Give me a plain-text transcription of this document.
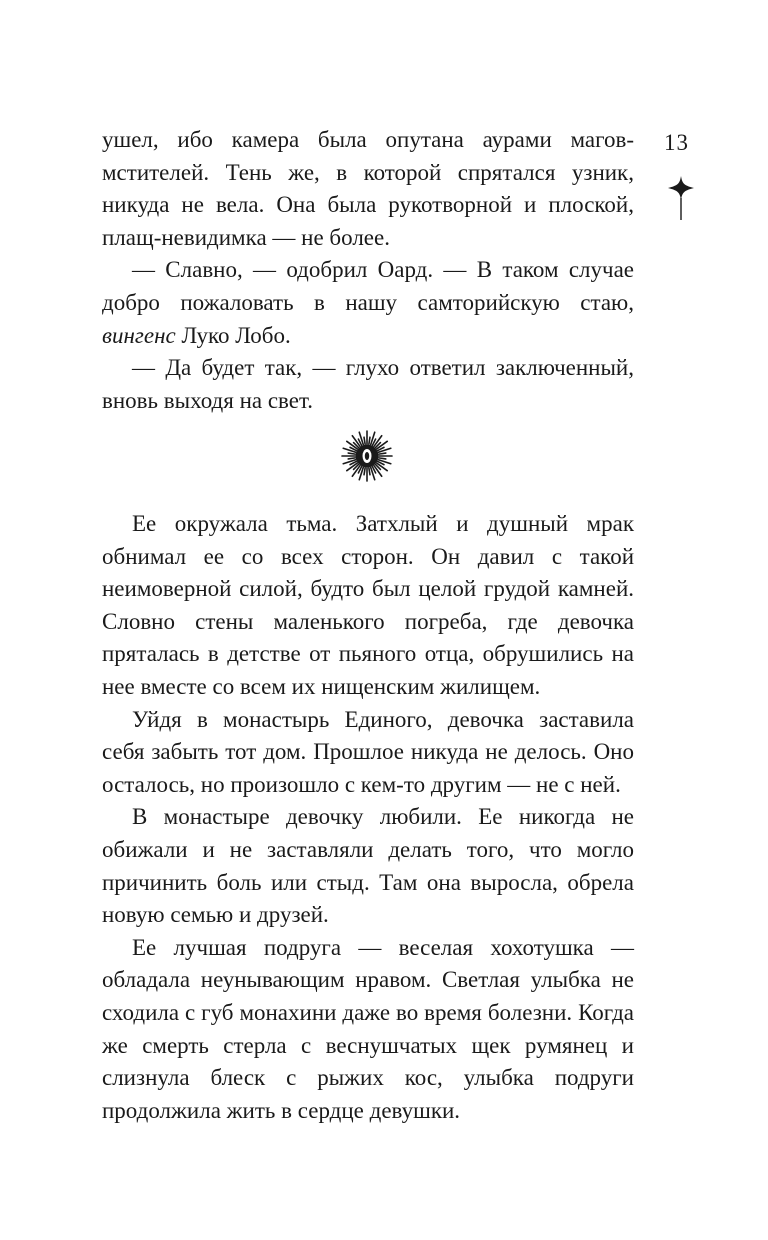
13

ушел, ибо камера была опутана аурами магов-мстителей. Тень же, в которой спрятался узник, никуда не вела. Она была рукотворной и плоской, плащ-невидимка — не более.

— Славно, — одобрил Оард. — В таком случае добро пожаловать в нашу самторийскую стаю, вингенс Луко Лобо.

— Да будет так, — глухо ответил заключенный, вновь выходя на свет.

Ее окружала тьма. Затхлый и душный мрак обнимал ее со всех сторон. Он давил с такой неимоверной силой, будто был целой грудой камней. Словно стены маленького погреба, где девочка пряталась в детстве от пьяного отца, обрушились на нее вместе со всем их нищенским жилищем.

Уйдя в монастырь Единого, девочка заставила себя забыть тот дом. Прошлое никуда не делось. Оно осталось, но произошло с кем-то другим — не с ней.

В монастыре девочку любили. Ее никогда не обижали и не заставляли делать того, что могло причинить боль или стыд. Там она выросла, обрела новую семью и друзей.

Ее лучшая подруга — веселая хохотушка — обладала неунывающим нравом. Светлая улыбка не сходила с губ монахини даже во время болезни. Когда же смерть стерла с веснушчатых щек румянец и слизнула блеск с рыжих кос, улыбка подруги продолжила жить в сердце девушки.
